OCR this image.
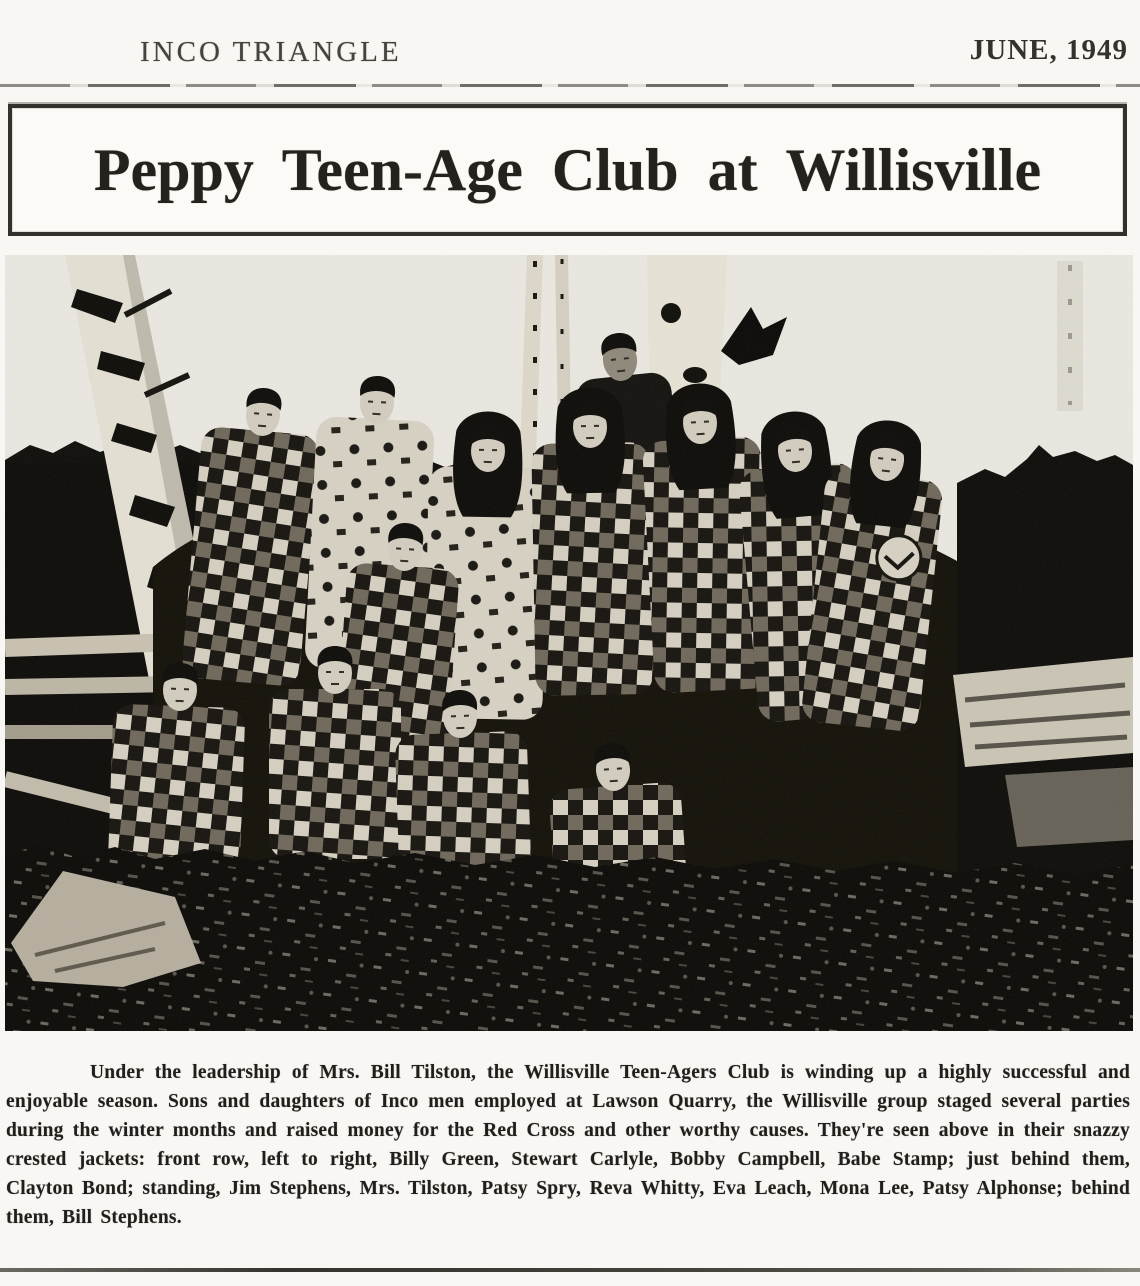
INCO TRIANGLE	JUNE, 1949
Peppy Teen-Age Club at Willisville

Under the leadership of Mrs. Bill Tilston, the Willisville Teen-Agers Club is winding up a highly successful and enjoyable season. Sons and daughters of Inco men employed at Lawson Quarry, the Willisville group staged several parties during the winter months and raised money for the Red Cross and other worthy causes. They're seen above in their snazzy crested jackets: front row, left to right, Billy Green, Stewart Carlyle, Bobby Campbell, Babe Stamp; just behind them, Clayton Bond; standing, Jim Stephens, Mrs. Tilston, Patsy Spry, Reva Whitty, Eva Leach, Mona Lee, Patsy Alphonse; behind them, Bill Stephens.
